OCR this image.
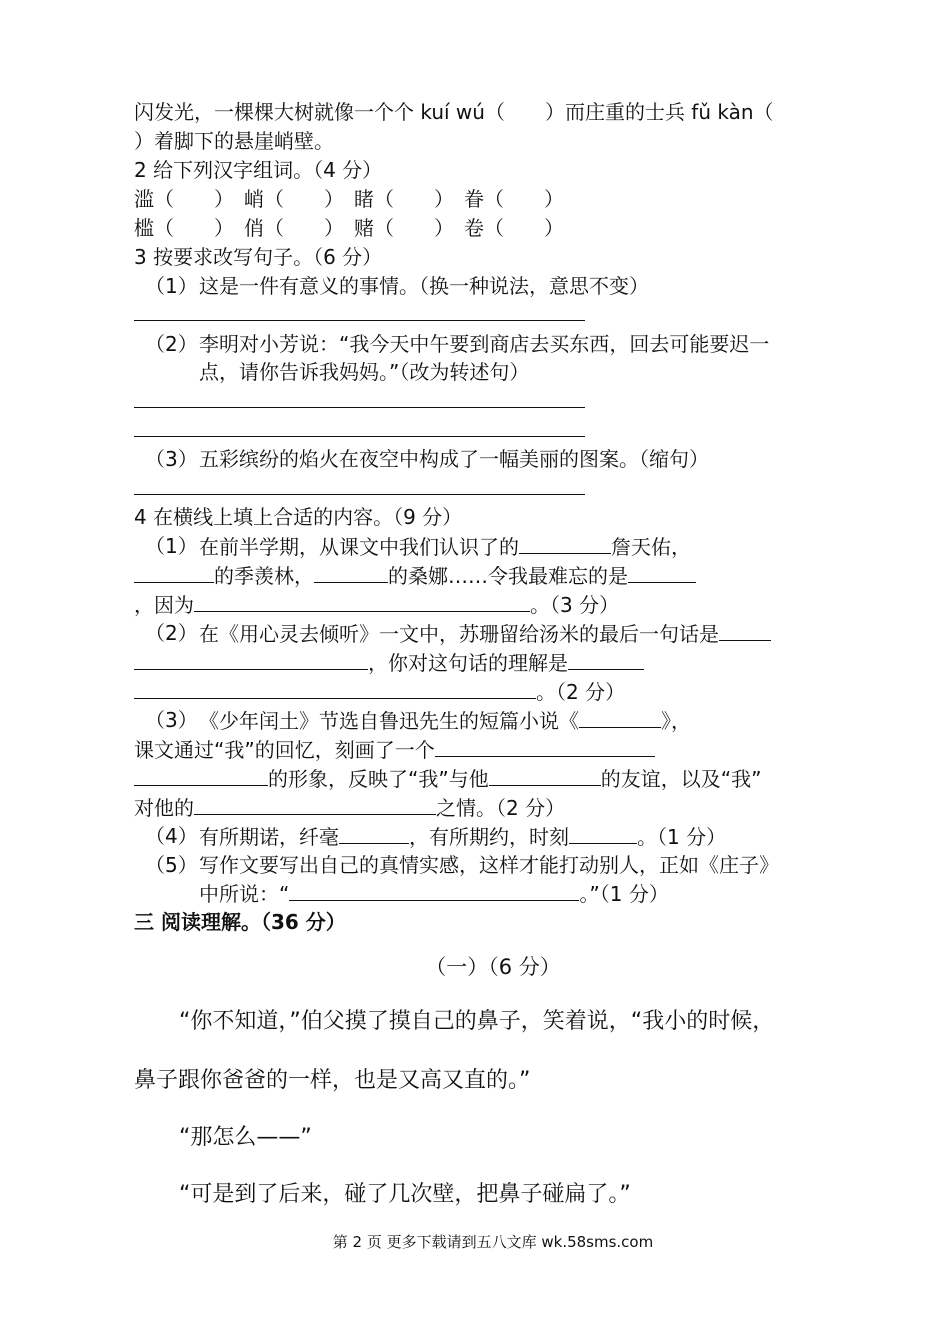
闪发光，一棵棵大树就像一个个 kuí wú（　　）而庄重的士兵 fǔ kàn（
）着脚下的悬崖峭壁。
2 给下列汉字组词。（4 分）
滥（　　）　峭（　　）　睹（　　）　眷（　　）
槛（　　）　俏（　　）　赌（　　）　卷（　　）
3 按要求改写句子。（6 分）
（1） 这是一件有意义的事情。（换一种说法，意思不变）
（2） 李明对小芳说：“我今天中午要到商店去买东西，回去可能要迟一
点，请你告诉我妈妈。”（改为转述句）
（3） 五彩缤纷的焰火在夜空中构成了一幅美丽的图案。（缩句）
4 在横线上填上合适的内容。（9 分）
（1） 在前半学期，从课文中我们认识了的	詹天佑，
的季羡林，	的桑娜……令我最难忘的是
，因为	。（3 分）
（2） 在《用心灵去倾听》一文中，苏珊留给汤米的最后一句话是
，你对这句话的理解是
。（2 分）
（3） 《少年闰土》节选自鲁迅先生的短篇小说《	》，
课文通过“我”的回忆，刻画了一个
的形象，反映了“我”与他	的友谊，以及“我”
对他的	之情。（2 分）
（4） 有所期诺，纤毫	，有所期约，时刻	。（1 分）
（5） 写作文要写出自己的真情实感，这样才能打动别人，正如《庄子》
中所说：“	。”（1 分）
三 阅读理解。（36 分）
（一）（6 分）
“你不知道，”伯父摸了摸自己的鼻子，笑着说，“我小的时候，
鼻子跟你爸爸的一样，也是又高又直的。”
“那怎么——”
“可是到了后来，碰了几次壁，把鼻子碰扁了。”
第 2 页 更多下载请到五八文库 wk.58sms.com
